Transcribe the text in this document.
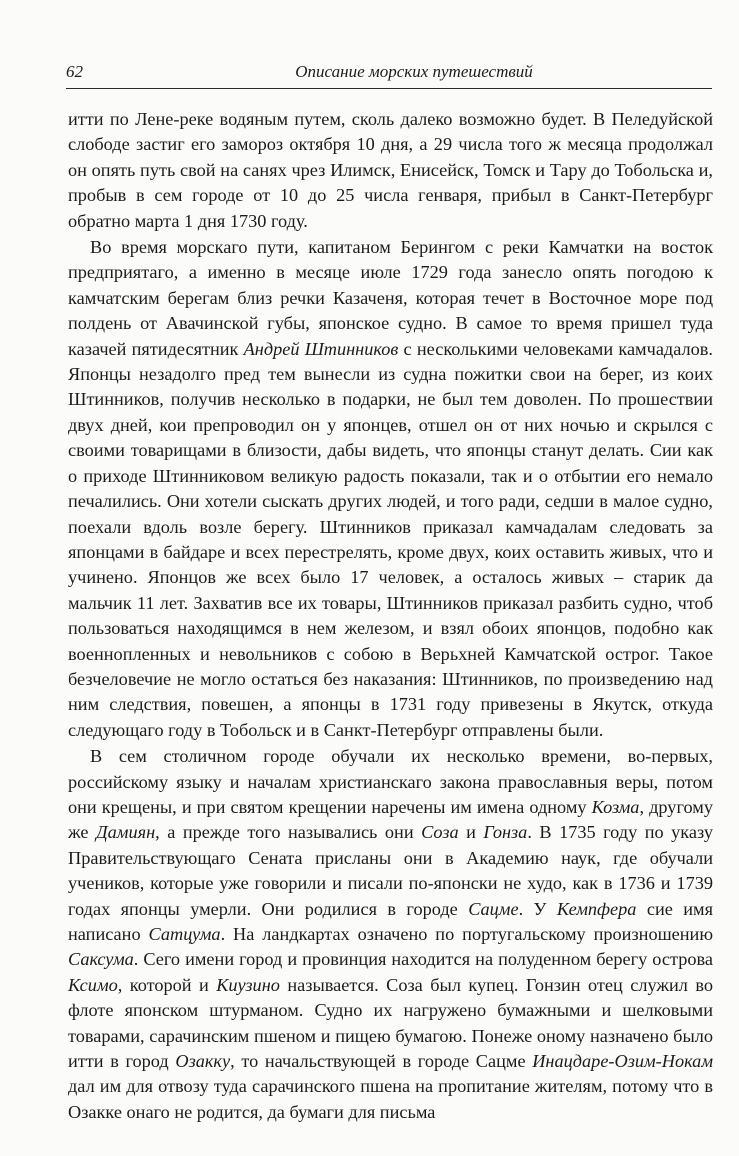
62	Описание морских путешествий

итти по Лене-реке водяным путем, сколь далеко возможно будет. В Пеледуйской слободе застиг его замороз октября 10 дня, а 29 числа того ж месяца продолжал он опять путь свой на санях чрез Илимск, Енисейск, Томск и Тару до Тобольска и, пробыв в сем городе от 10 до 25 числа генваря, прибыл в Санкт-Петербург обратно марта 1 дня 1730 году.

Во время морскаго пути, капитаном Берингом с реки Камчатки на восток предприятаго, а именно в месяце июле 1729 года занесло опять погодою к камчатским берегам близ речки Казаченя, которая течет в Восточное море под полдень от Авачинской губы, японское судно. В самое то время пришел туда казачей пятидесятник Андрей Штинников с несколькими человеками камчадалов. Японцы незадолго пред тем вынесли из судна пожитки свои на берег, из коих Штинников, получив несколько в подарки, не был тем доволен. По прошествии двух дней, кои препроводил он у японцев, отшел он от них ночью и скрылся с своими товарищами в близости, дабы видеть, что японцы станут делать. Сии как о приходе Штинниковом великую радость показали, так и о отбытии его немало печалились. Они хотели сыскать других людей, и того ради, седши в малое судно, поехали вдоль возле берегу. Штинников приказал камчадалам следовать за японцами в байдаре и всех перестрелять, кроме двух, коих оставить живых, что и учинено. Японцов же всех было 17 человек, а осталось живых – старик да мальчик 11 лет. Захватив все их товары, Штинников приказал разбить судно, чтоб пользоваться находящимся в нем железом, и взял обоих японцов, подобно как военнопленных и невольников с собою в Верьхней Камчатской острог. Такое безчеловечие не могло остаться без наказания: Штинников, по произведению над ним следствия, повешен, а японцы в 1731 году привезены в Якутск, откуда следующаго году в Тобольск и в Санкт-Петербург отправлены были.

В сем столичном городе обучали их несколько времени, во-первых, российскому языку и началам христианскаго закона православныя веры, потом они крещены, и при святом крещении наречены им имена одному Козма, другому же Дамиян, а прежде того назывались они Соза и Гонза. В 1735 году по указу Правительствующаго Сената присланы они в Академию наук, где обучали учеников, которые уже говорили и писали по-японски не худо, как в 1736 и 1739 годах японцы умерли. Они родилися в городе Сацме. У Кемпфера сие имя написано Сатцума. На ландкартах означено по португальскому произношению Саксума. Сего имени город и провинция находится на полуденном берегу острова Ксимо, которой и Киузино называется. Соза был купец. Гонзин отец служил во флоте японском штурманом. Судно их нагружено бумажными и шелковыми товарами, сарачинским пшеном и пищею бумагою. Понеже оному назначено было итти в город Озакку, то начальствующей в городе Сацме Инацдаре-Озим-Нокам дал им для отвозу туда сарачинского пшена на пропитание жителям, потому что в Озакке онаго не родится, да бумаги для письма
